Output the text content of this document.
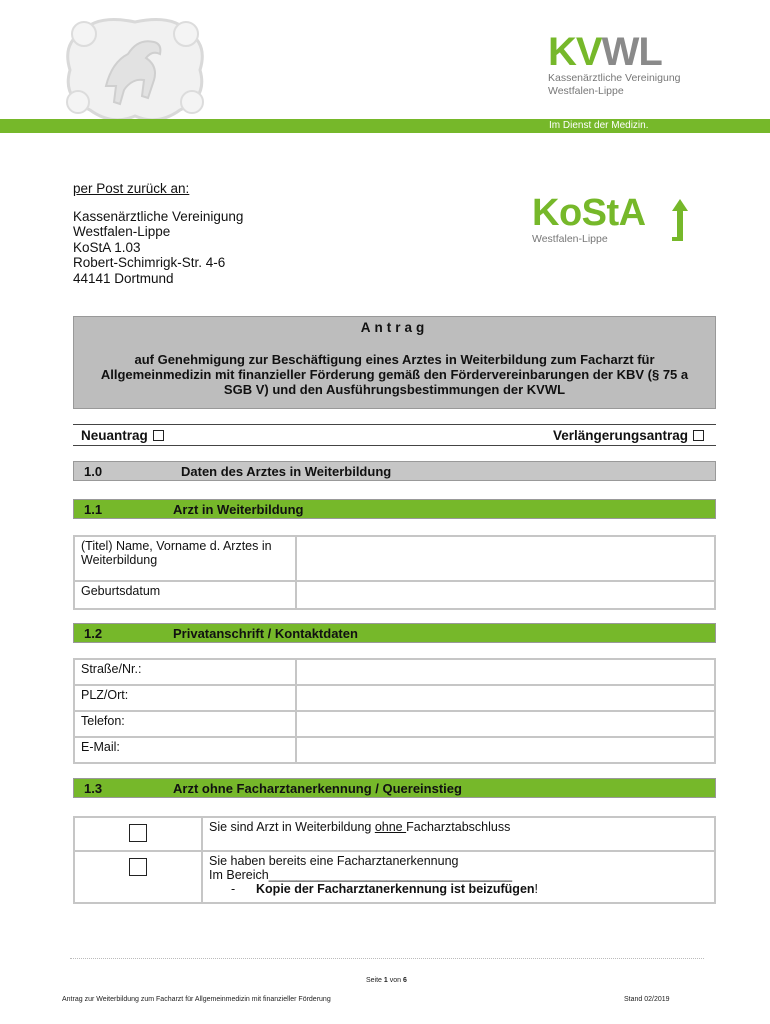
KVWL
Kassenärztliche Vereinigung
Westfalen-Lippe
Im Dienst der Medizin.
per Post zurück an:
Kassenärztliche Vereinigung
Westfalen-Lippe
KoStA 1.03
Robert-Schimrigk-Str. 4-6
44141 Dortmund
KoStA
Westfalen-Lippe
Antrag
auf Genehmigung zur Beschäftigung eines Arztes in Weiterbildung zum Facharzt für Allgemeinmedizin mit finanzieller Förderung gemäß den Fördervereinbarungen der KBV (§ 75 a SGB V) und den Ausführungsbestimmungen der KVWL
Neuantrag	Verlängerungsantrag
1.0	Daten des Arztes in Weiterbildung
1.1	Arzt in Weiterbildung
(Titel) Name, Vorname d. Arztes in Weiterbildung	
Geburtsdatum	
1.2	Privatanschrift / Kontaktdaten
Straße/Nr.:	
PLZ/Ort:	
Telefon:	
E-Mail:	
1.3	Arzt ohne Facharztanerkennung / Quereinstieg
	Sie sind Arzt in Weiterbildung ohne Facharztabschluss

	Sie haben bereits eine Facharztanerkennung
Im Bereich___________________________________
- Kopie der Facharztanerkennung ist beizufügen!
Seite 1 von 6
Antrag zur Weiterbildung zum Facharzt für Allgemeinmedizin mit finanzieller Förderung	Stand 02/2019
